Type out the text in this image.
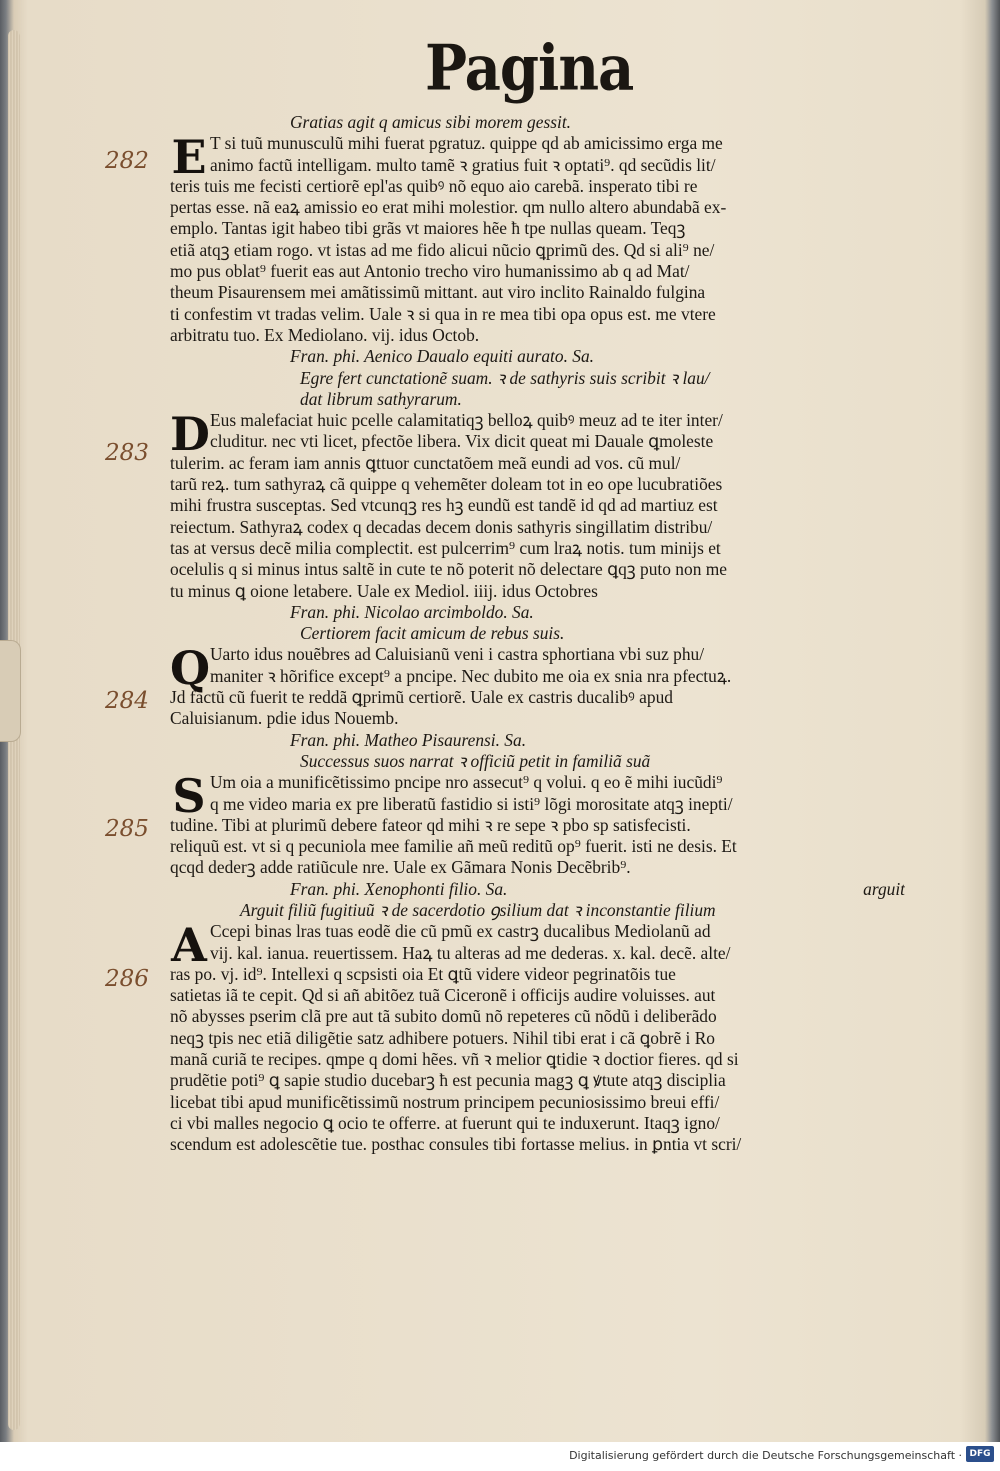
Pagina
282
283
284
285
286
Gratias agit q amicus sibi morem gessit.
E T si tuũ munusculũ mihi fuerat pgratuz. quippe qd ab amicissimo erga me
animo factũ intelligam. multo tamẽ ꝛ gratius fuit ꝛ optati⁹. qd secũdis lit/
teris tuis me fecisti certiorẽ epl'as quibꝰ nõ equo aio carebã. insperato tibi re
pertas esse. nã eaꝝ amissio eo erat mihi molestior. qm nullo altero abundabã ex-
emplo. Tantas igit habeo tibi grãs vt maiores hẽe ħ tpe nullas queam. Teqꝫ
etiã atqꝫ etiam rogo. vt istas ad me fido alicui nũcio ꝗprimũ des. Qd si ali⁹ ne/
mo pus oblat⁹ fuerit eas aut Antonio trecho viro humanissimo ab q ad Mat/
theum Pisaurensem mei amãtissimũ mittant. aut viro inclito Rainaldo fulgina
ti confestim vt tradas velim. Uale ꝛ si qua in re mea tibi opa opus est. me vtere
arbitratu tuo. Ex Mediolano. vij. idus Octob.
Fran. phi. Aenico Daualo equiti aurato. Sa.
Egre fert cunctationẽ suam. ꝛ de sathyris suis scribit ꝛ lau/
dat librum sathyrarum.
D Eus malefaciat huic pcelle calamitatiqꝫ belloꝝ quibꝰ meuz ad te iter inter/
cluditur. nec vti licet, pfectõe libera. Vix dicit queat mi Dauale ꝗmoleste
tulerim. ac feram iam annis ꝗttuor cunctatõem meã eundi ad vos. cũ mul/
tarũ reꝝ. tum sathyraꝝ cã quippe q vehemẽter doleam tot in eo ope lucubratiões
mihi frustra susceptas. Sed vtcunqꝫ res hꝫ eundũ est tandẽ id qd ad martiuz est
reiectum. Sathyraꝝ codex q decadas decem donis sathyris singillatim distribu/
tas at versus decẽ milia complectit. est pulcerrim⁹ cum lraꝝ notis. tum minijs et
ocelulis q si minus intus saltẽ in cute te nõ poterit nõ delectare ꝗqꝫ puto non me
tu minus ꝗ oione letabere. Uale ex Mediol. iiij. idus Octobres
Fran. phi. Nicolao arcimboldo. Sa.
Certiorem facit amicum de rebus suis.
Q Uarto idus nouẽbres ad Caluisianũ veni i castra sphortiana vbi suz phu/
maniter ꝛ hõrifice except⁹ a pncipe. Nec dubito me oia ex snia nra pfectuꝝ.
Jd factũ cũ fuerit te reddã ꝗprimũ certiorẽ. Uale ex castris ducalibꝰ apud
Caluisianum. pdie idus Nouemb.
Fran. phi. Matheo Pisaurensi. Sa.
Successus suos narrat ꝛ officiũ petit in familiã suã
S Um oia a munificẽtissimo pncipe nro assecut⁹ q volui. q eo ẽ mihi iucũdi⁹
q me video maria ex pre liberatũ fastidio si isti⁹ lõgi morositate atqꝫ inepti/
tudine. Tibi at plurimũ debere fateor qd mihi ꝛ re sepe ꝛ pbo sp satisfecisti.
reliquũ est. vt si q pecuniola mee familie añ meũ reditũ op⁹ fuerit. isti ne desis. Et
qcqd dederꝫ adde ratiũcule nre. Uale ex Gãmara Nonis Decẽbrib⁹.
Fran. phi. Xenophonti filio. Sa.	arguit
Arguit filiũ fugitiuũ ꝛ de sacerdotio ꝯsilium dat ꝛ inconstantie filium
A Ccepi binas lras tuas eodẽ die cũ pmũ ex castrꝫ ducalibus Mediolanũ ad
vij. kal. ianua. reuertissem. Haꝝ tu alteras ad me dederas. x. kal. decẽ. alte/
ras po. vj. id⁹. Intellexi q scpsisti oia Et ꝗtũ videre videor pegrinatõis tue
satietas iã te cepit. Qd si añ abitõez tuã Ciceronẽ i officijs audire voluisses. aut
nõ abysses pserim clã pre aut tã subito domũ nõ repeteres cũ nõdũ i deliberãdo
neqꝫ tpis nec etiã diligẽtie satz adhibere potuers. Nihil tibi erat i cã ꝗobrẽ i Ro
manã curiã te recipes. qmpe q domi hẽes. vñ ꝛ melior ꝗtidie ꝛ doctior fieres. qd si
prudẽtie poti⁹ ꝗ sapie studio ducebarꝫ ħ est pecunia magꝫ ꝗ ꝟtute atqꝫ disciplia
licebat tibi apud munificẽtissimũ nostrum principem pecuniosissimo breui effi/
ci vbi malles negocio ꝗ ocio te offerre. at fuerunt qui te induxerunt. Itaqꝫ igno/
scendum est adolescẽtie tue. posthac consules tibi fortasse melius. in ꝑntia vt scri/
Digitalisierung gefördert durch die Deutsche Forschungsgemeinschaft · DFG
